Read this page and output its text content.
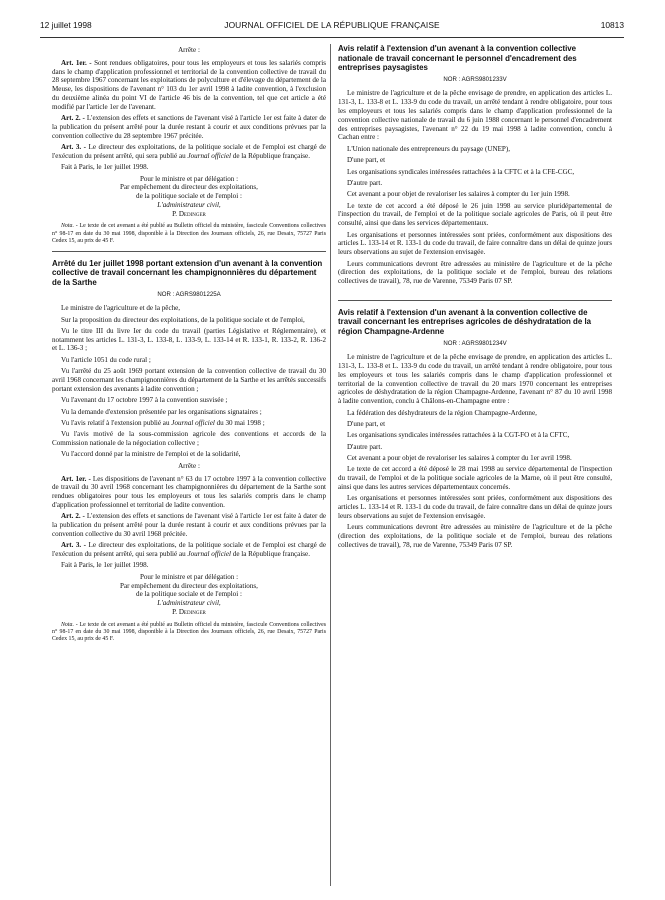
12 juillet 1998	JOURNAL OFFICIEL DE LA RÉPUBLIQUE FRANÇAISE	10813

Arrête :

Art. 1er. - Sont rendues obligatoires, pour tous les employeurs et tous les salariés compris dans le champ d'application professionnel et territorial de la convention collective de travail du 28 septembre 1967 concernant les exploitations de polyculture et d'élevage du département de la Meuse, les dispositions de l'avenant n° 103 du 1er avril 1998 à ladite convention, à l'exclusion du deuxième alinéa du point VI de l'article 46 bis de la convention, tel que cet article a été modifié par l'article 1er de l'avenant.

Art. 2. - L'extension des effets et sanctions de l'avenant visé à l'article 1er est faite à dater de la publication du présent arrêté pour la durée restant à courir et aux conditions prévues par la convention collective du 28 septembre 1967 précitée.

Art. 3. - Le directeur des exploitations, de la politique sociale et de l'emploi est chargé de l'exécution du présent arrêté, qui sera publié au Journal officiel de la République française.

Fait à Paris, le 1er juillet 1998.

Pour le ministre et par délégation :
Par empêchement du directeur des exploitations,
de la politique sociale et de l'emploi :
L'administrateur civil,
P. Dedinger

Nota. - Le texte de cet avenant a été publié au Bulletin officiel du ministère, fascicule Conventions collectives n° 98-17 en date du 30 mai 1998, disponible à la Direction des Journaux officiels, 26, rue Desaix, 75727 Paris Cedex 15, au prix de 45 F.

Arrêté du 1er juillet 1998 portant extension d'un avenant à la convention collective de travail concernant les champignonnières du département de la Sarthe
NOR : AGRS9801225A

Le ministre de l'agriculture et de la pêche,

Sur la proposition du directeur des exploitations, de la politique sociale et de l'emploi,

Vu le titre III du livre Ier du code du travail (parties Législative et Réglementaire), et notamment les articles L. 131-3, L. 133-8, L. 133-9, L. 133-14 et R. 133-1, R. 133-2, R. 136-2 et L. 136-3 ;

Vu l'article 1051 du code rural ;

Vu l'arrêté du 25 août 1969 portant extension de la convention collective de travail du 30 avril 1968 concernant les champignonnières du département de la Sarthe et les arrêtés successifs portant extension des avenants à ladite convention ;

Vu l'avenant du 17 octobre 1997 à la convention susvisée ;

Vu la demande d'extension présentée par les organisations signataires ;

Vu l'avis relatif à l'extension publié au Journal officiel du 30 mai 1998 ;

Vu l'avis motivé de la sous-commission agricole des conventions et accords de la Commission nationale de la négociation collective ;

Vu l'accord donné par la ministre de l'emploi et de la solidarité,

Arrête :

Art. 1er. - Les dispositions de l'avenant n° 63 du 17 octobre 1997 à la convention collective de travail du 30 avril 1968 concernant les champignonnières du département de la Sarthe sont rendues obligatoires pour tous les employeurs et tous les salariés compris dans le champ d'application professionnel et territorial de ladite convention.

Art. 2. - L'extension des effets et sanctions de l'avenant visé à l'article 1er est faite à dater de la publication du présent arrêté pour la durée restant à courir et aux conditions prévues par la convention collective du 30 avril 1968 précitée.

Art. 3. - Le directeur des exploitations, de la politique sociale et de l'emploi est chargé de l'exécution du présent arrêté, qui sera publié au Journal officiel de la République française.

Fait à Paris, le 1er juillet 1998.

Pour le ministre et par délégation :
Par empêchement du directeur des exploitations,
de la politique sociale et de l'emploi :
L'administrateur civil,
P. Dedinger

Nota. - Le texte de cet avenant a été publié au Bulletin officiel du ministère, fascicule Conventions collectives n° 98-17 en date du 30 mai 1998, disponible à la Direction des Journaux officiels, 26, rue Desaix, 75727 Paris Cedex 15, au prix de 45 F.

Avis relatif à l'extension d'un avenant à la convention collective nationale de travail concernant le personnel d'encadrement des entreprises paysagistes
NOR : AGRS9801233V

Le ministre de l'agriculture et de la pêche envisage de prendre, en application des articles L. 131-3, L. 133-8 et L. 133-9 du code du travail, un arrêté tendant à rendre obligatoire, pour tous les employeurs et tous les salariés compris dans le champ d'application professionnel de la convention collective nationale de travail du 6 juin 1988 concernant le personnel d'encadrement des entreprises paysagistes, l'avenant n° 22 du 19 mai 1998 à ladite convention, conclu à Cachan entre :

L'Union nationale des entrepreneurs du paysage (UNEP),

D'une part, et

Les organisations syndicales intéressées rattachées à la CFTC et à la CFE-CGC,

D'autre part.

Cet avenant a pour objet de revaloriser les salaires à compter du 1er juin 1998.

Le texte de cet accord a été déposé le 26 juin 1998 au service pluridépartemental de l'inspection du travail, de l'emploi et de la politique sociale agricoles de Paris, où il peut être consulté, ainsi que dans les services départementaux.

Les organisations et personnes intéressées sont priées, conformément aux dispositions des articles L. 133-14 et R. 133-1 du code du travail, de faire connaître dans un délai de quinze jours leurs observations au sujet de l'extension envisagée.

Leurs communications devront être adressées au ministère de l'agriculture et de la pêche (direction des exploitations, de la politique sociale et de l'emploi, bureau des relations collectives de travail), 78, rue de Varenne, 75349 Paris 07 SP.

Avis relatif à l'extension d'un avenant à la convention collective de travail concernant les entreprises agricoles de déshydratation de la région Champagne-Ardenne
NOR : AGRS9801234V

Le ministre de l'agriculture et de la pêche envisage de prendre, en application des articles L. 131-3, L. 133-8 et L. 133-9 du code du travail, un arrêté tendant à rendre obligatoire, pour tous les employeurs et tous les salariés compris dans le champ d'application professionnel et territorial de la convention collective de travail du 20 mars 1970 concernant les entreprises agricoles de déshydratation de la région Champagne-Ardenne, l'avenant n° 87 du 10 avril 1998 à ladite convention, conclu à Châlons-en-Champagne entre :

La fédération des déshydrateurs de la région Champagne-Ardenne,

D'une part, et

Les organisations syndicales intéressées rattachées à la CGT-FO et à la CFTC,

D'autre part.

Cet avenant a pour objet de revaloriser les salaires à compter du 1er avril 1998.

Le texte de cet accord a été déposé le 28 mai 1998 au service départemental de l'inspection du travail, de l'emploi et de la politique sociale agricoles de la Marne, où il peut être consulté, ainsi que dans les autres services départementaux concernés.

Les organisations et personnes intéressées sont priées, conformément aux dispositions des articles L. 133-14 et R. 133-1 du code du travail, de faire connaître dans un délai de quinze jours leurs observations au sujet de l'extension envisagée.

Leurs communications devront être adressées au ministère de l'agriculture et de la pêche (direction des exploitations, de la politique sociale et de l'emploi, bureau des relations collectives de travail), 78, rue de Varenne, 75349 Paris 07 SP.
